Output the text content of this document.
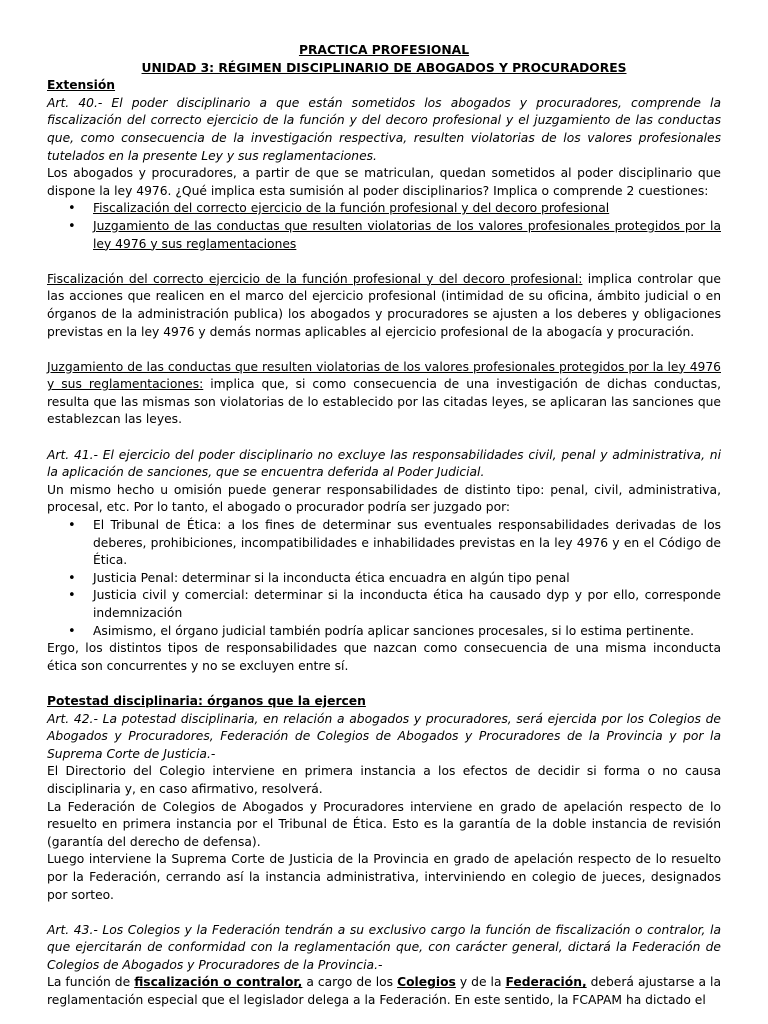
PRACTICA PROFESIONAL
UNIDAD 3: RÉGIMEN DISCIPLINARIO DE ABOGADOS Y PROCURADORES
Extensión

Art. 40.- El poder disciplinario a que están sometidos los abogados y procuradores, comprende la fiscalización del correcto ejercicio de la función y del decoro profesional y el juzgamiento de las conductas que, como consecuencia de la investigación respectiva, resulten violatorias de los valores profesionales tutelados en la presente Ley y sus reglamentaciones.

Los abogados y procuradores, a partir de que se matriculan, quedan sometidos al poder disciplinario que dispone la ley 4976. ¿Qué implica esta sumisión al poder disciplinarios? Implica o comprende 2 cuestiones:

• Fiscalización del correcto ejercicio de la función profesional y del decoro profesional
• Juzgamiento de las conductas que resulten violatorias de los valores profesionales protegidos por la ley 4976 y sus reglamentaciones

Fiscalización del correcto ejercicio de la función profesional y del decoro profesional: implica controlar que las acciones que realicen en el marco del ejercicio profesional (intimidad de su oficina, ámbito judicial o en órganos de la administración publica) los abogados y procuradores se ajusten a los deberes y obligaciones previstas en la ley 4976 y demás normas aplicables al ejercicio profesional de la abogacía y procuración.

Juzgamiento de las conductas que resulten violatorias de los valores profesionales protegidos por la ley 4976 y sus reglamentaciones: implica que, si como consecuencia de una investigación de dichas conductas, resulta que las mismas son violatorias de lo establecido por las citadas leyes, se aplicaran las sanciones que establezcan las leyes.

Art. 41.- El ejercicio del poder disciplinario no excluye las responsabilidades civil, penal y administrativa, ni la aplicación de sanciones, que se encuentra deferida al Poder Judicial.

Un mismo hecho u omisión puede generar responsabilidades de distinto tipo: penal, civil, administrativa, procesal, etc. Por lo tanto, el abogado o procurador podría ser juzgado por:

• El Tribunal de Ética: a los fines de determinar sus eventuales responsabilidades derivadas de los deberes, prohibiciones, incompatibilidades e inhabilidades previstas en la ley 4976 y en el Código de Ética.
• Justicia Penal: determinar si la inconducta ética encuadra en algún tipo penal
• Justicia civil y comercial: determinar si la inconducta ética ha causado dyp y por ello, corresponde indemnización
• Asimismo, el órgano judicial también podría aplicar sanciones procesales, si lo estima pertinente.

Ergo, los distintos tipos de responsabilidades que nazcan como consecuencia de una misma inconducta ética son concurrentes y no se excluyen entre sí.

Potestad disciplinaria: órganos que la ejercen

Art. 42.- La potestad disciplinaria, en relación a abogados y procuradores, será ejercida por los Colegios de Abogados y Procuradores, Federación de Colegios de Abogados y Procuradores de la Provincia y por la Suprema Corte de Justicia.-

El Directorio del Colegio interviene en primera instancia a los efectos de decidir si forma o no causa disciplinaria y, en caso afirmativo, resolverá.

La Federación de Colegios de Abogados y Procuradores interviene en grado de apelación respecto de lo resuelto en primera instancia por el Tribunal de Ética. Esto es la garantía de la doble instancia de revisión (garantía del derecho de defensa).

Luego interviene la Suprema Corte de Justicia de la Provincia en grado de apelación respecto de lo resuelto por la Federación, cerrando así la instancia administrativa, interviniendo en colegio de jueces, designados por sorteo.

Art. 43.- Los Colegios y la Federación tendrán a su exclusivo cargo la función de fiscalización o contralor, la que ejercitarán de conformidad con la reglamentación que, con carácter general, dictará la Federación de Colegios de Abogados y Procuradores de la Provincia.-

La función de fiscalización o contralor, a cargo de los Colegios y de la Federación, deberá ajustarse a la reglamentación especial que el legislador delega a la Federación. En este sentido, la FCAPAM ha dictado el
